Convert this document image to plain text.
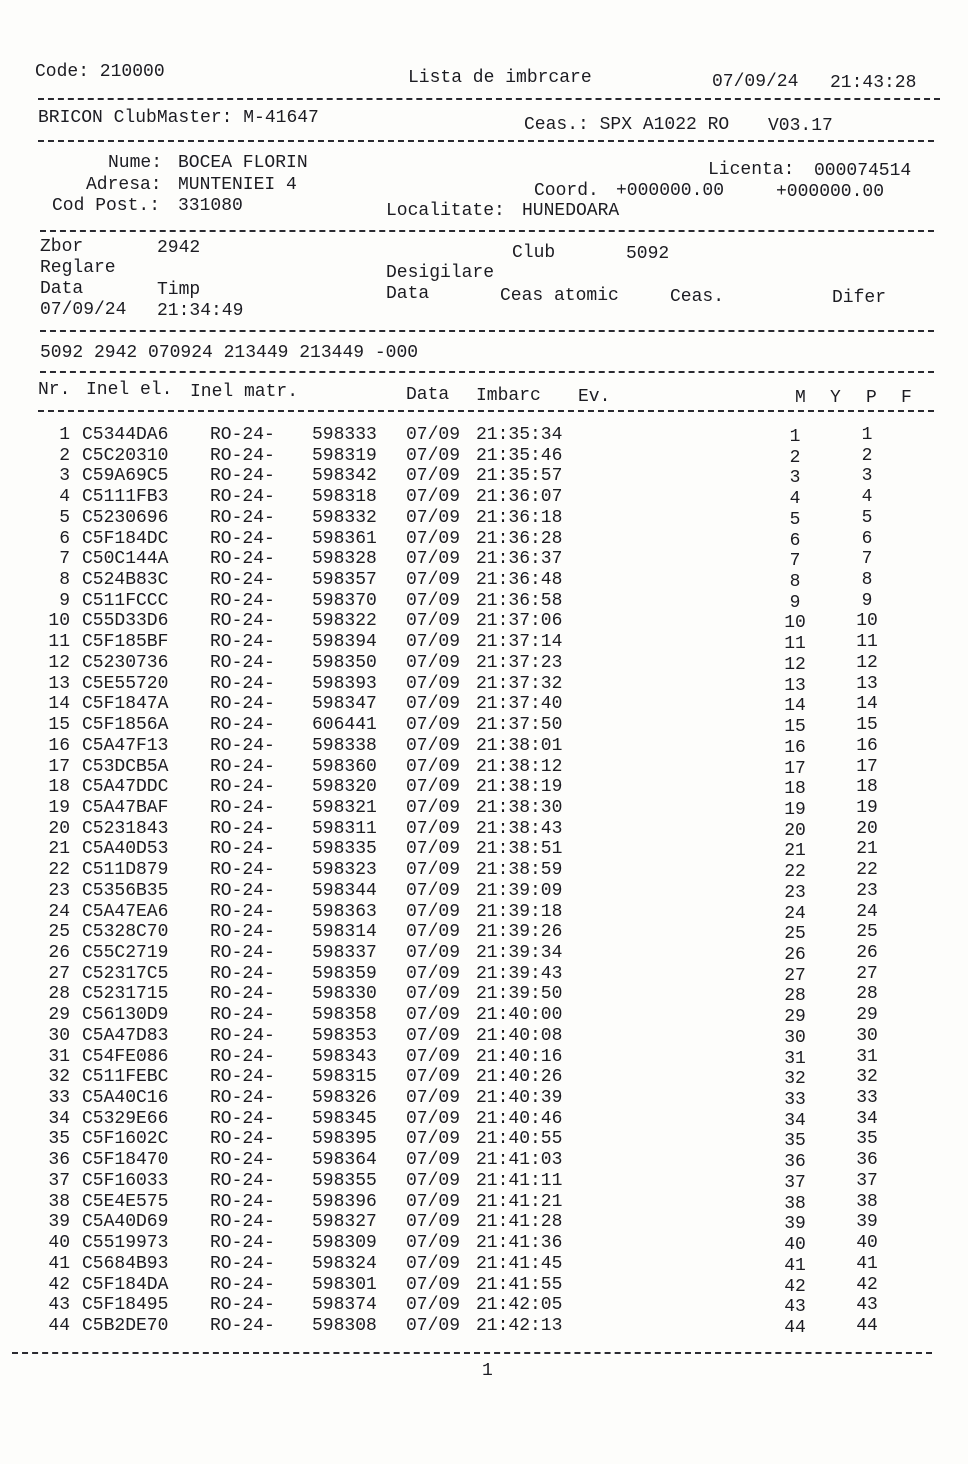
Code: 210000	Lista de imbrcare	07/09/24 21:43:28
BRICON ClubMaster: M-41647	Ceas.: SPX A1022 RO V03.17
Nume: BOCEA FLORIN
Adresa: MUNTENIEI 4
Cod Post.: 331080
Licenta: 000074514
Coord. +000000.00	+000000.00
Localitate: HUNEDOARA
Zbor	2942	Club	5092
Reglare	Desigilare
Data	Timp	Data	Ceas atomic	Ceas.	Difer
07/09/24 21:34:49
5092 2942 070924 213449 213449 -000
Nr. Inel el. Inel matr.	Data Imbarc Ev.	M Y P F
1 C5344DA6 RO-24- 598333 07/09 21:35:34	1	1
2 C5C20310 RO-24- 598319 07/09 21:35:46	2	2
3 C59A69C5 RO-24- 598342 07/09 21:35:57	3	3
4 C5111FB3 RO-24- 598318 07/09 21:36:07	4	4
5 C5230696 RO-24- 598332 07/09 21:36:18	5	5
6 C5F184DC RO-24- 598361 07/09 21:36:28	6	6
7 C50C144A RO-24- 598328 07/09 21:36:37	7	7
8 C524B83C RO-24- 598357 07/09 21:36:48	8	8
9 C511FCCC RO-24- 598370 07/09 21:36:58	9	9
10 C55D33D6 RO-24- 598322 07/09 21:37:06	10	10
11 C5F185BF RO-24- 598394 07/09 21:37:14	11	11
12 C5230736 RO-24- 598350 07/09 21:37:23	12	12
13 C5E55720 RO-24- 598393 07/09 21:37:32	13	13
14 C5F1847A RO-24- 598347 07/09 21:37:40	14	14
15 C5F1856A RO-24- 606441 07/09 21:37:50	15	15
16 C5A47F13 RO-24- 598338 07/09 21:38:01	16	16
17 C53DCB5A RO-24- 598360 07/09 21:38:12	17	17
18 C5A47DDC RO-24- 598320 07/09 21:38:19	18	18
19 C5A47BAF RO-24- 598321 07/09 21:38:30	19	19
20 C5231843 RO-24- 598311 07/09 21:38:43	20	20
21 C5A40D53 RO-24- 598335 07/09 21:38:51	21	21
22 C511D879 RO-24- 598323 07/09 21:38:59	22	22
23 C5356B35 RO-24- 598344 07/09 21:39:09	23	23
24 C5A47EA6 RO-24- 598363 07/09 21:39:18	24	24
25 C5328C70 RO-24- 598314 07/09 21:39:26	25	25
26 C55C2719 RO-24- 598337 07/09 21:39:34	26	26
27 C52317C5 RO-24- 598359 07/09 21:39:43	27	27
28 C5231715 RO-24- 598330 07/09 21:39:50	28	28
29 C56130D9 RO-24- 598358 07/09 21:40:00	29	29
30 C5A47D83 RO-24- 598353 07/09 21:40:08	30	30
31 C54FE086 RO-24- 598343 07/09 21:40:16	31	31
32 C511FEBC RO-24- 598315 07/09 21:40:26	32	32
33 C5A40C16 RO-24- 598326 07/09 21:40:39	33	33
34 C5329E66 RO-24- 598345 07/09 21:40:46	34	34
35 C5F1602C RO-24- 598395 07/09 21:40:55	35	35
36 C5F18470 RO-24- 598364 07/09 21:41:03	36	36
37 C5F16033 RO-24- 598355 07/09 21:41:11	37	37
38 C5E4E575 RO-24- 598396 07/09 21:41:21	38	38
39 C5A40D69 RO-24- 598327 07/09 21:41:28	39	39
40 C5519973 RO-24- 598309 07/09 21:41:36	40	40
41 C5684B93 RO-24- 598324 07/09 21:41:45	41	41
42 C5F184DA RO-24- 598301 07/09 21:41:55	42	42
43 C5F18495 RO-24- 598374 07/09 21:42:05	43	43
44 C5B2DE70 RO-24- 598308 07/09 21:42:13	44	44
1
